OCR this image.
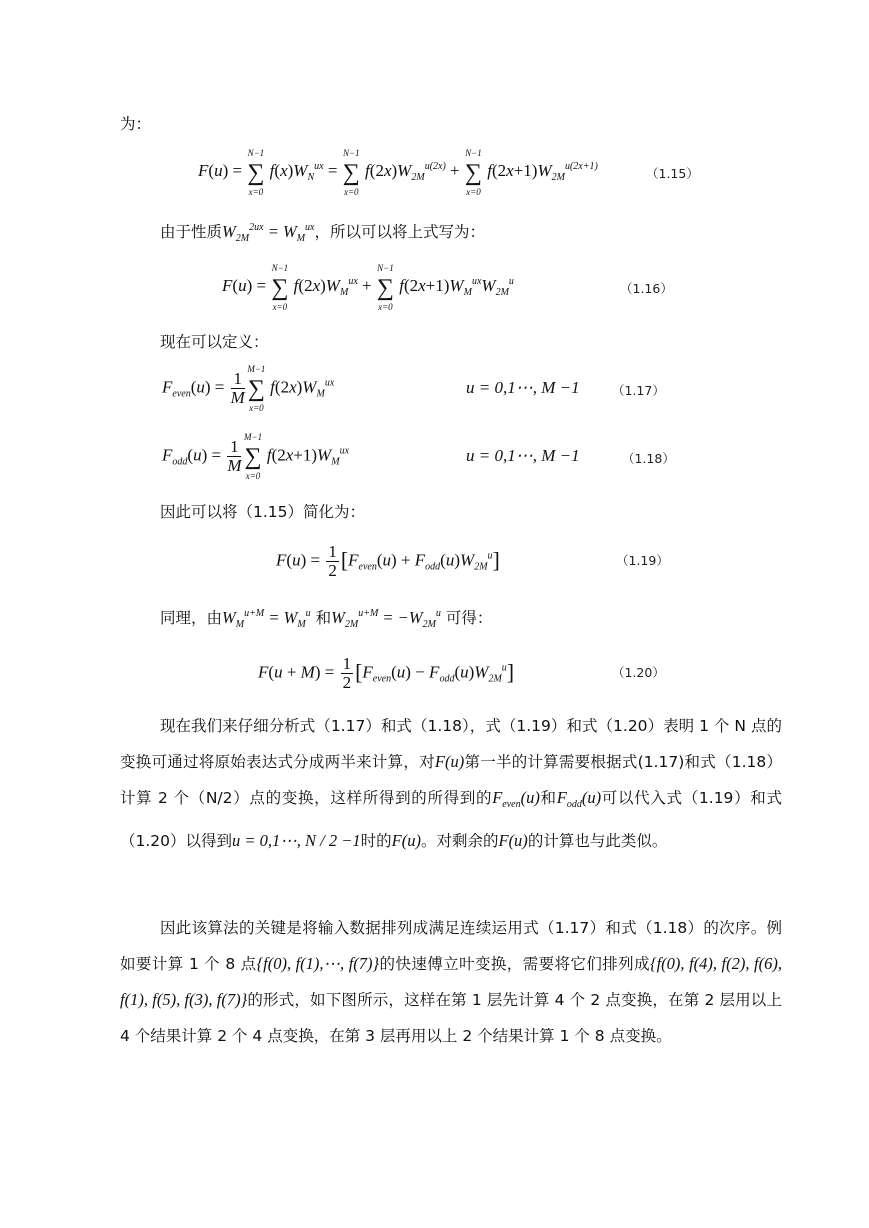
为：
F(u) = ∑
N−1
x=0
$f(x)W_N^{ux}$ = ∑
N−1
x=0
$f(2x)W_{2M}^{u(2x)}$ + ∑
N−1
x=0
$f(2x+1)W_{2M}^{u(2x+1)}$	（1.15）
由于性质$W_{2M}^{2ux} = W_M^{ux}$，所以可以将上式写为：
F(u) = ∑
N−1
x=0
$f(2x)W_M^{ux}$ + ∑
N−1
x=0
$f(2x+1)W_M^{ux}W_{2M}^u$	（1.16）
现在可以定义：
$F_{even}(u) = \frac{1}{M}$ ∑
M−1
x=0
$f(2x)W_M^{ux}$	u = 0,1⋯, M −1	（1.17）
$F_{odd}(u) = \frac{1}{M}$ ∑
M−1
x=0
$f(2x+1)W_M^{ux}$	u = 0,1⋯, M −1	（1.18）
因此可以将（1.15）简化为：
$F(u) = \frac{1}{2} [F_{even}(u) + F_{odd}(u)W_{2M}^u]$	（1.19）
同理，由$W_M^{u+M} = W_M^u$ 和$W_{2M}^{u+M} = -W_{2M}^u$ 可得：
$F(u + M) = \frac{1}{2} [F_{even}(u) - F_{odd}(u)W_{2M}^u]$	（1.20）
现在我们来仔细分析式（1.17）和式（1.18），式（1.19）和式（1.20）表明 1 个 N 点的变换可通过将原始表达式分成两半来计算，对F(u)第一半的计算需要根据式(1.17)和式（1.18）计算 2 个（N/2）点的变换，这样所得到的所得到的$F_{even}(u)$和$F_{odd}(u)$可以代入式（1.19）和式（1.20）以得到u = 0,1⋯, N / 2 −1时的F(u)。对剩余的F(u)的计算也与此类似。
因此该算法的关键是将输入数据排列成满足连续运用式（1.17）和式（1.18）的次序。例如要计算 1 个 8 点{f(0), f(1),⋯, f(7)}的快速傅立叶变换，需要将它们排列成{f(0), f(4), f(2), f(6), f(1), f(5), f(3), f(7)}的形式，如下图所示，这样在第 1 层先计算 4 个 2 点变换，在第 2 层用以上 4 个结果计算 2 个 4 点变换，在第 3 层再用以上 2 个结果计算 1 个 8 点变换。
